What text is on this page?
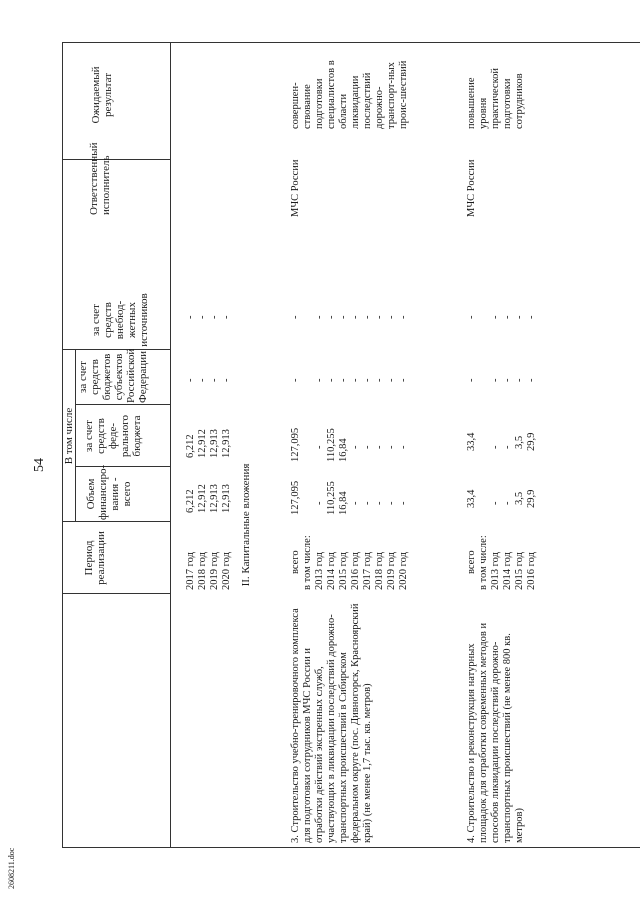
54
2608211.doc
Период реализации
Объем финансиро-вания - всего
В том числе за счет средств феде-рального бюджета
за счет средств бюджетов субъектов Российской Федерации
за счет средств внебюд-жетных источников
Ответственный исполнитель
Ожидаемый результат
2017 год 2018 год 2019 год 2020 год
6,212 12,912 12,913 12,913
6,212 12,912 12,913 12,913
- - - -
- - - -
II. Капитальные вложения
3. Строительство учебно-тренировочного комплекса для подготовки сотрудников МЧС России и отработки действий экстренных служб, участвующих в ликвидации последствий дорожно-транспортных происшествий в Сибирском федеральном округе (пос. Дивногорск, Красноярский край) (не менее 1,7 тыс. кв. метров)
всего в том числе: 2013 год 2014 год 2015 год 2016 год 2017 год 2018 год 2019 год 2020 год
127,095 - 110,255 16,84 - - - - -
127,095 - 110,255 16,84 - - - - -
- - - - - - - - -
- - - - - - - - -
МЧС России
совершен-ствование подготовки специалистов в области ликвидации последствий дорожно-транспорт-ных проис-шествий
4. Строительство и реконструкция натурных площадок для отработки современных методов и способов ликвидации последствий дорожно-транспортных происшествий (не менее 800 кв. метров)
всего в том числе: 2013 год 2014 год 2015 год 2016 год
33,4 - - 3,5 29,9
33,4 - - 3,5 29,9
- - - - -
- - - - -
МЧС России
повышение уровня практической подготовки сотрудников
